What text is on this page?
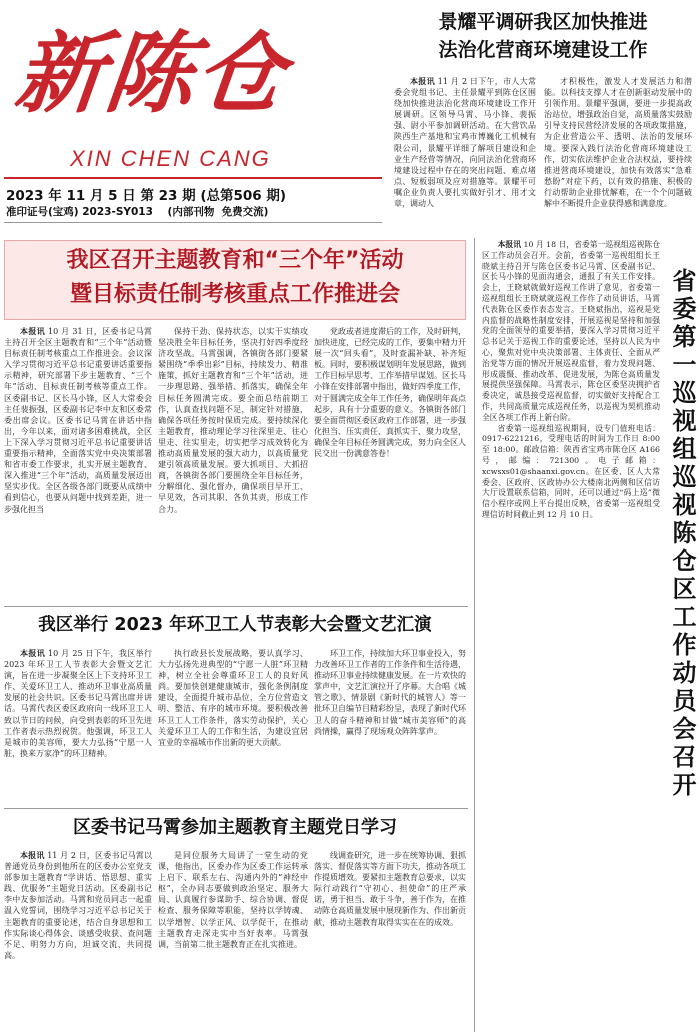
新陈仓
XIN CHEN CANG
2023 年 11 月 5 日 第 23 期 (总第506 期)
准印证号(宝鸡) 2023-SY013    (内部刊物  免费交流)
景耀平调研我区加快推进
法治化营商环境建设工作

本报讯 11 月 2 日下午，市人大常委会党组书记、主任景耀平到陈仓区围绕加快推进法治化营商环境建设工作开展调研。区领导马霄、马小锋、裴振强、尉小平参加调研活动。在大营饮品陕西生产基地和宝鸡市博巍化工机械有限公司，景耀平详细了解项目建设和企业生产经营等情况，向同法治化营商环境建设过程中存在的突出问题、难点堵点、短板弱项及应对措施等。景耀平可嘱企业负责人要扎实做好引才、用才文章，调动人

才积极性，激发人才发展活力和潜能。以科技支撑人才在创新驱动发展中的引领作用。景耀平强调，要进一步提高政治站位，增强政治自觉，高质量落实鼓励引导支持民营经济发展的各项政策措施，为企业营造公平、透明、法治的发展环境。要深入践行法治化营商环境建设工作，切实依法维护企业合法权益，要持续推进营商环境建设，加快有效落实“急难愁盼”对症下药，以有效的措施、积极的行动帮助企业排忧解难，在一个个问题破解中不断提升企业获得感和满意度。

我区召开主题教育和“三个年”活动
暨目标责任制考核重点工作推进会

本报讯 10 月 31 日，区委书记马霄主持召开全区主题教育和“三个年”活动暨目标责任制考核重点工作推进会。会议深入学习贯彻习近平总书记重要讲话重要指示精神，研究部署下步主题教育、“三个年”活动、目标责任制考核等重点工作。区委副书记、区长马小锋，区人大常委会主任裴振强，区委副书记李中友和区委常委出席会议。区委书记马霄在讲话中指出，今年以来，面对诸多困难挑战，全区上下深入学习贯彻习近平总书记重要讲话重要指示精神，全面落实党中央决策部署和省市委工作要求，扎实开展主题教育、深入推进“三个年”活动，高质量发展迈出坚实步伐。全区各级各部门既要从成绩中看到信心，也要从问题中找到差距，进一步强化担当

保持干劲、保持状态，以实干实绩攻坚决胜全年目标任务，坚决打好四季度经济攻坚战。马霄强调，各镇街各部门要紧紧围绕“季季出彩”目标，持续发力、精准施策，抓好主题教育和“三个年”活动，进一步理思路、强举措、抓落实，确保全年目标任务圆满完成。要全面总结前期工作，认真查找问题不足，制定针对措施，确保各项任务按时保质完成。要持续深化主题教育，推动理论学习往深里走、往心里走、往实里走，切实把学习成效转化为推动高质量发展的强大动力，以高质量党建引领高质量发展。要大抓项目、大抓招商，各镇街各部门要围绕全年目标任务，分解细化、强化督办，确保项目早开工、早见效，各司其职、各负其责，形成工作合力。

党政或者进度滞后的工作，及时研判，加快进度，已经完成的工作，要集中精力开展一次“回头看”，及时查漏补缺、补齐短板。同时，要积极谋划明年发展思路，做到工作目标早思考、工作举措早谋划。区长马小锋在安排部署中指出，做好四季度工作，对于圆满完成全年工作任务，确保明年高点起步，具有十分重要的意义。各镇街各部门要全面贯彻区委区政府工作部署，进一步强化担当、压实责任、真抓实干、聚力攻坚，确保全年目标任务圆满完成，努力向全区人民交出一份满意答卷！

我区举行 2023 年环卫工人节表彰大会暨文艺汇演

本报讯 10 月 25 日下午，我区举行 2023 年环卫工人节表彰大会暨文艺汇演，旨在进一步凝聚全区上下支持环卫工作、关爱环卫工人、推动环卫事业高质量发展的社会共识。区委书记马霄出席并讲话。马霄代表区委区政府向一线环卫工人致以节日的问候，向受到表彰的环卫先进工作者表示热烈祝贺。他强调，环卫工人是城市的美容师，要大力弘扬“宁愿一人脏，换来万家净”的环卫精神。

执行政县长发展战略，要认真学习、大力弘扬先进典型的“宁愿一人脏”环卫精神，树立全社会尊重环卫工人的良好风尚。要加快创建健康城市，强化条例制度建设，全面提升城市品位，全方位营造文明、整洁、有序的城市环境。要积极改善环卫工人工作条件，落实劳动保护，关心关爱环卫工人的工作和生活，为建设宜居宜业的幸福城市作出新的更大贡献。

环卫工作，持续加大环卫事业投入，努力改善环卫工作者的工作条件和生活待遇，推动环卫事业持续健康发展。在一片欢快的掌声中，文艺汇演拉开了序幕。大合唱《城管之歌》、情景剧《新时代的城管人》等一批环卫自编节目精彩纷呈，表现了新时代环卫人的奋斗精神和甘做“城市美容师”的高尚情操，赢得了现场观众阵阵掌声。

区委书记马霄参加主题教育主题党日学习

本报讯 11 月 2 日，区委书记马霄以普通党员身份到他所在的区委办公室党支部参加主题教育“学讲话、悟思想、重实践、优服务”主题党日活动。区委副书记李中友参加活动。马霄和党员同志一起重温入党誓词，围绕学习习近平总书记关于主题教育的重要论述，结合自身思想和工作实际谈心得体会、谈感受收获、查问题不足、明努力方向，坦诚交流、共同提高。

是同位服务大局讲了一堂生动的党课，他指出，区委办作为区委工作运转承上启下、联系左右、沟通内外的“神经中枢”，全办同志要做到政治坚定、服务大局、认真履行参谋助手、综合协调、督促检查、服务保障等职能，坚持以学铸魂、以学增智、以学正风、以学促干，在推动主题教育走深走实中当好表率。马霄强调，当前第二批主题教育正在扎实推进。

线调查研究，进一步在统筹协调、狠抓落实、督促落实等方面下功夫，推动各项工作提质增效。要紧扣主题教育总要求，以实际行动践行“守初心、担使命”的庄严承诺，勇于担当、敢于斗争，善于作为，在推动陈仓高质量发展中展现新作为、作出新贡献，推动主题教育取得实实在在的成效。

本报讯 10 月 18 日，省委第一巡视组巡视陈仓区工作动员会召开。会前，省委第一巡视组组长王晓斌主持召开与陈仓区委书记马霄、区委副书记、区长马小锋的见面沟通会，通报了有关工作安排。会上，王晓斌就做好巡视工作讲了意见，省委第一巡视组组长王晓斌就巡视工作作了动员讲话，马霄代表陈仓区委作表态发言。王晓斌指出，巡视是党内监督的战略性制度安排，开展巡视是坚持和加强党的全面领导的重要举措，要深入学习贯彻习近平总书记关于巡视工作的重要论述，坚持以人民为中心，聚焦对党中央决策部署、主体责任、全面从严治党等方面的情况开展巡视监督，着力发现问题、形成震慑、推动改革、促进发展，为陈仓高质量发展提供坚强保障。马霄表示，陈仓区委坚决拥护省委决定，诚恳接受巡视监督，切实做好支持配合工作，共同高质量完成巡视任务，以巡视为契机推动全区各项工作再上新台阶。

省委第一巡视组巡视期间，设专门值班电话：0917-6221216，受理电话的时间为工作日 8:00 至 18:00。邮政信箱：陕西省宝鸡市陈仓区 A166 号，邮编：721300。电子邮箱：xcwsxs01@shaanxi.gov.cn。在区委、区人大常委会、区政府、区政协办公大楼南北两侧和区信访大厅设置联系信箱，同时，还可以通过“码上巡”微信小程序或网上平台提出反映，省委第一巡视组受理信访时间截止到 12 月 10 日。	省委第一巡视组巡视陈仓区工作动员会召开
